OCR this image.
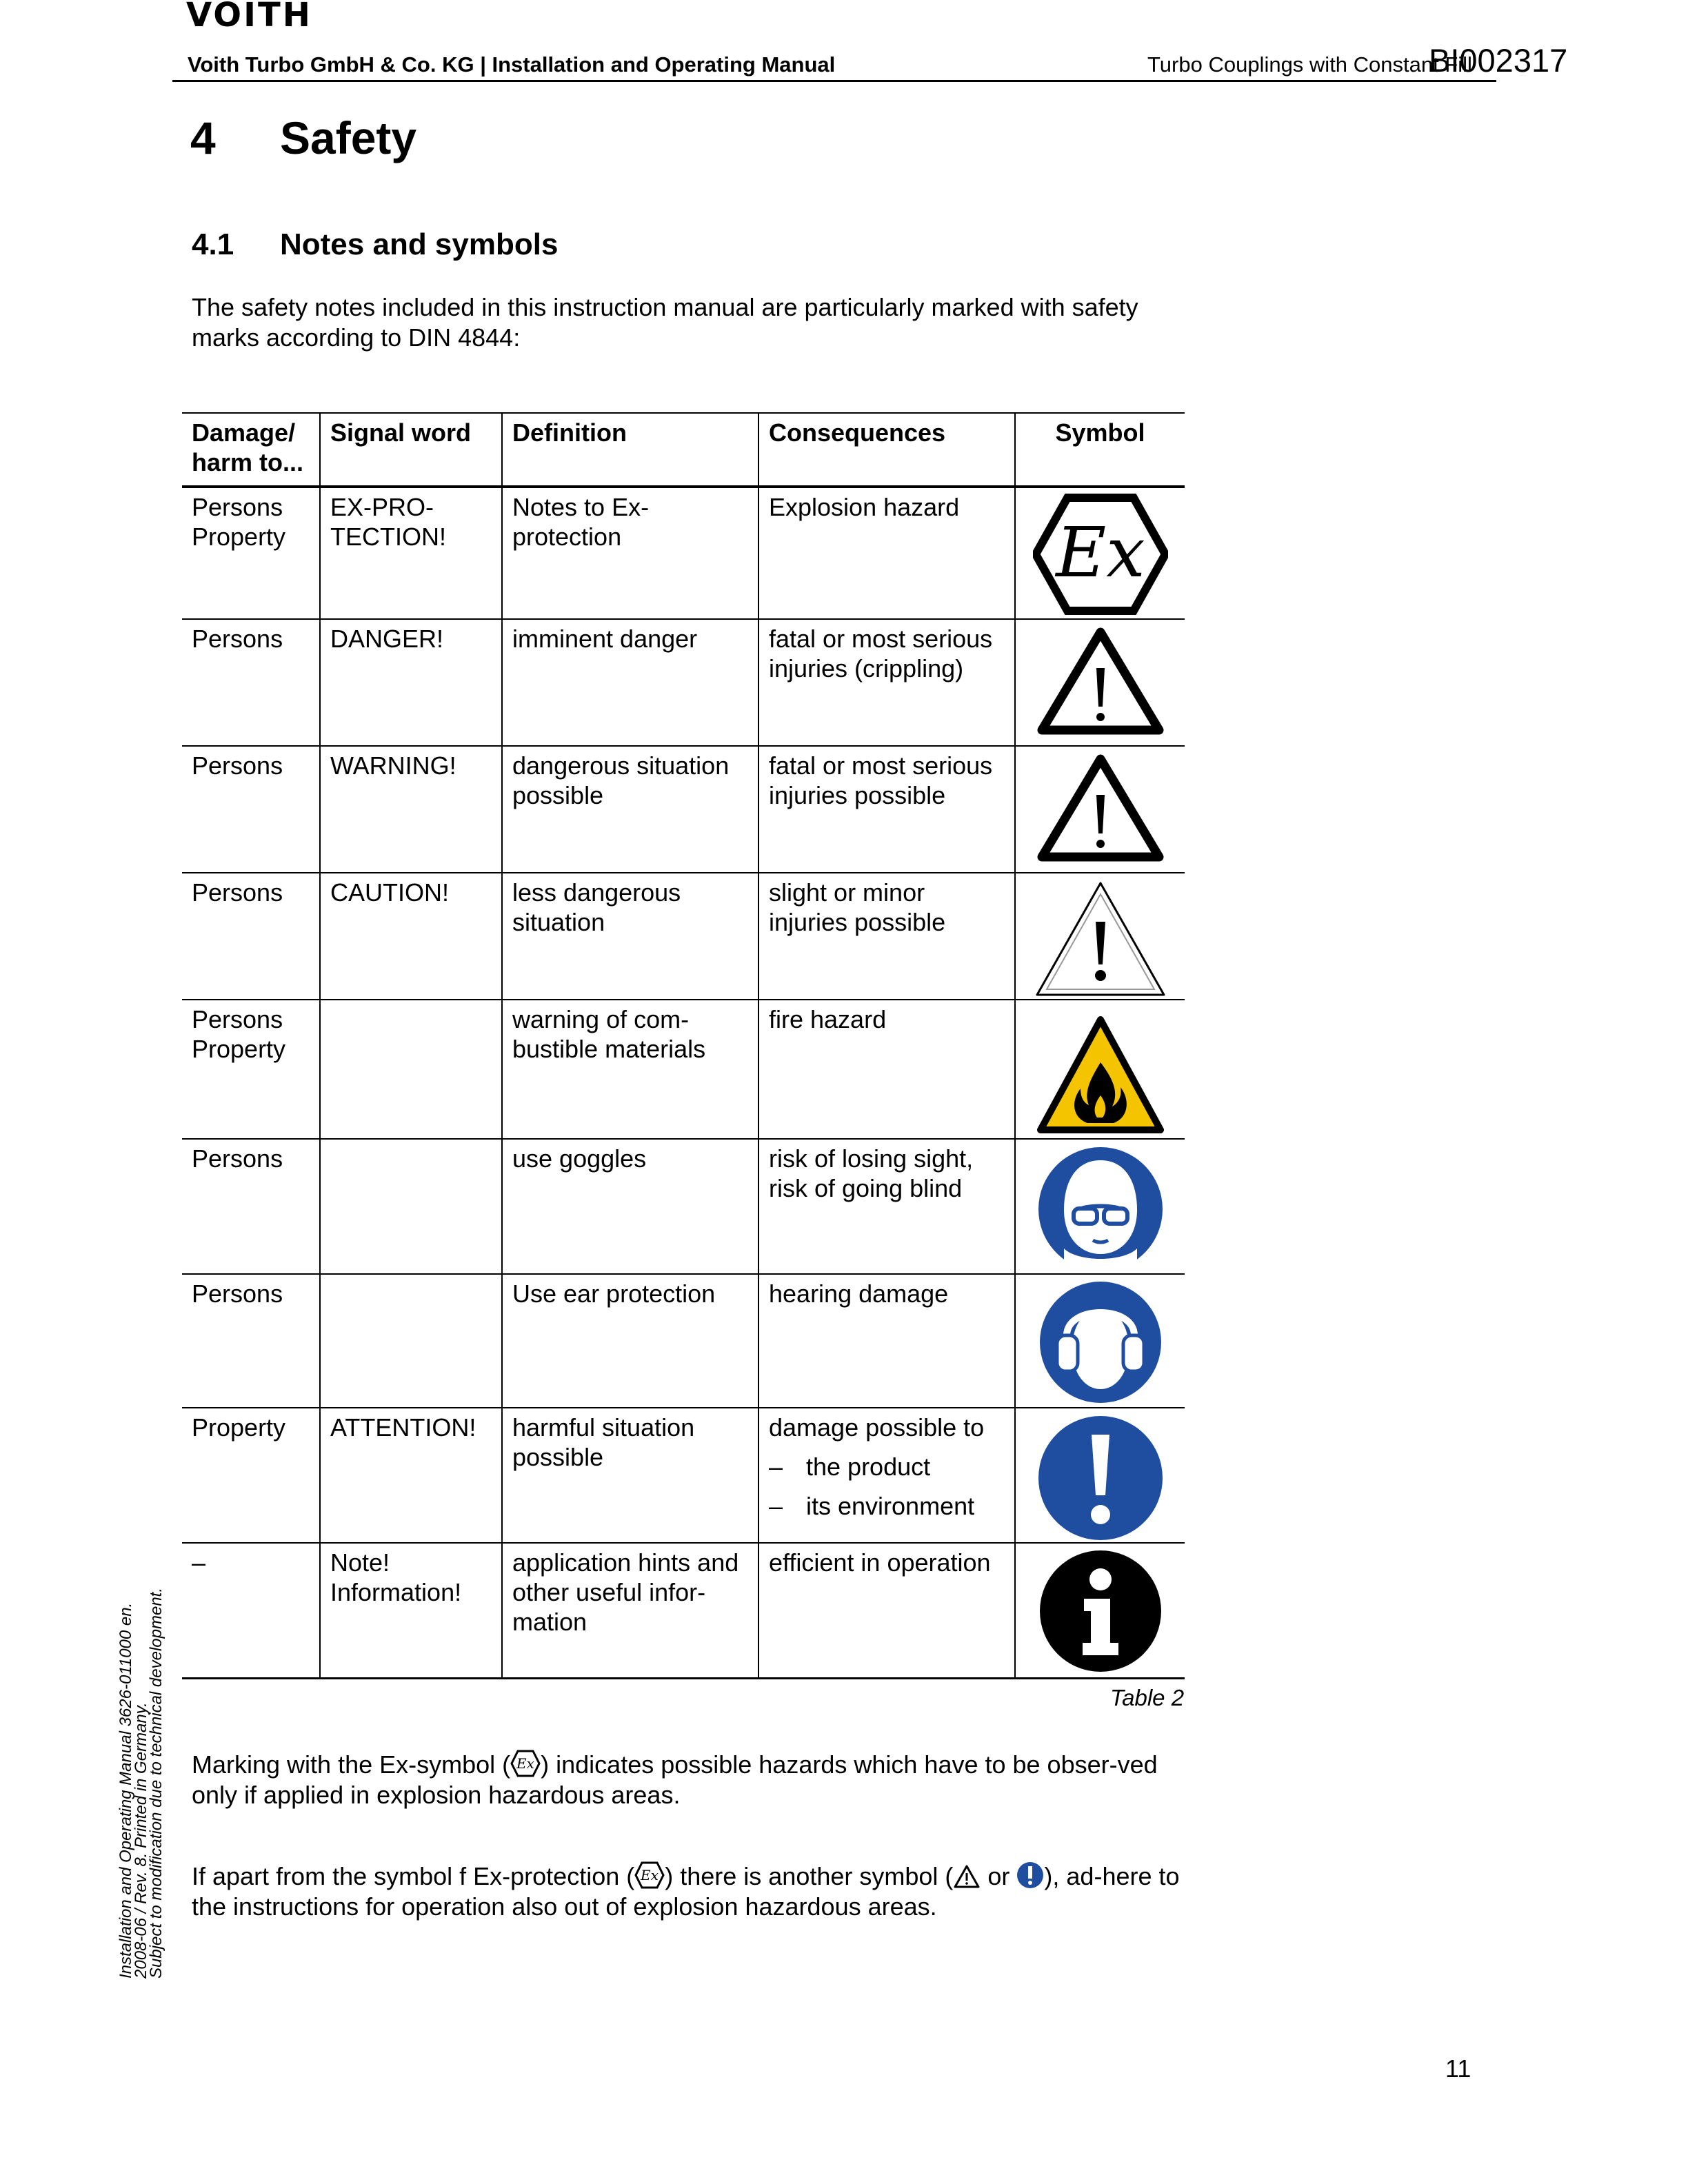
VOITH
Voith Turbo GmbH & Co. KG | Installation and Operating Manual	Turbo Couplings with Constant Fill
BI002317
4 Safety
4.1 Notes and symbols
The safety notes included in this instruction manual are particularly marked with safety marks according to DIN 4844:
Damage/ harm to...	Signal word	Definition	Consequences	Symbol
Persons Property	EX-PRO-TECTION!	Notes to Ex-protection	Explosion hazard	Ex

Persons	DANGER!	imminent danger	fatal or most serious injuries (crippling)	

Persons	WARNING!	dangerous situation possible	fatal or most serious injuries possible	

Persons	CAUTION!	less dangerous situation	slight or minor injuries possible	

Persons Property		warning of com-bustible materials	fire hazard	

Persons		use goggles	risk of losing sight, risk of going blind	

Persons		Use ear protection	hearing damage	

Property	ATTENTION!	harmful situation possible	damage possible to
– the product
– its environment

–	Note! Information!	application hints and other useful infor-mation	efficient in operation	
Table 2
Marking with the Ex-symbol ( Ex ) indicates possible hazards which have to be obser-ved only if applied in explosion hazardous areas.
If apart from the symbol f Ex-protection ( Ex ) there is another symbol ( or ), ad-here to the instructions for operation also out of explosion hazardous areas.
Installation and Operating Manual 3626-011000 en.
2008-06 / Rev. 8. Printed in Germany.
Subject to modification due to technical development.
11
